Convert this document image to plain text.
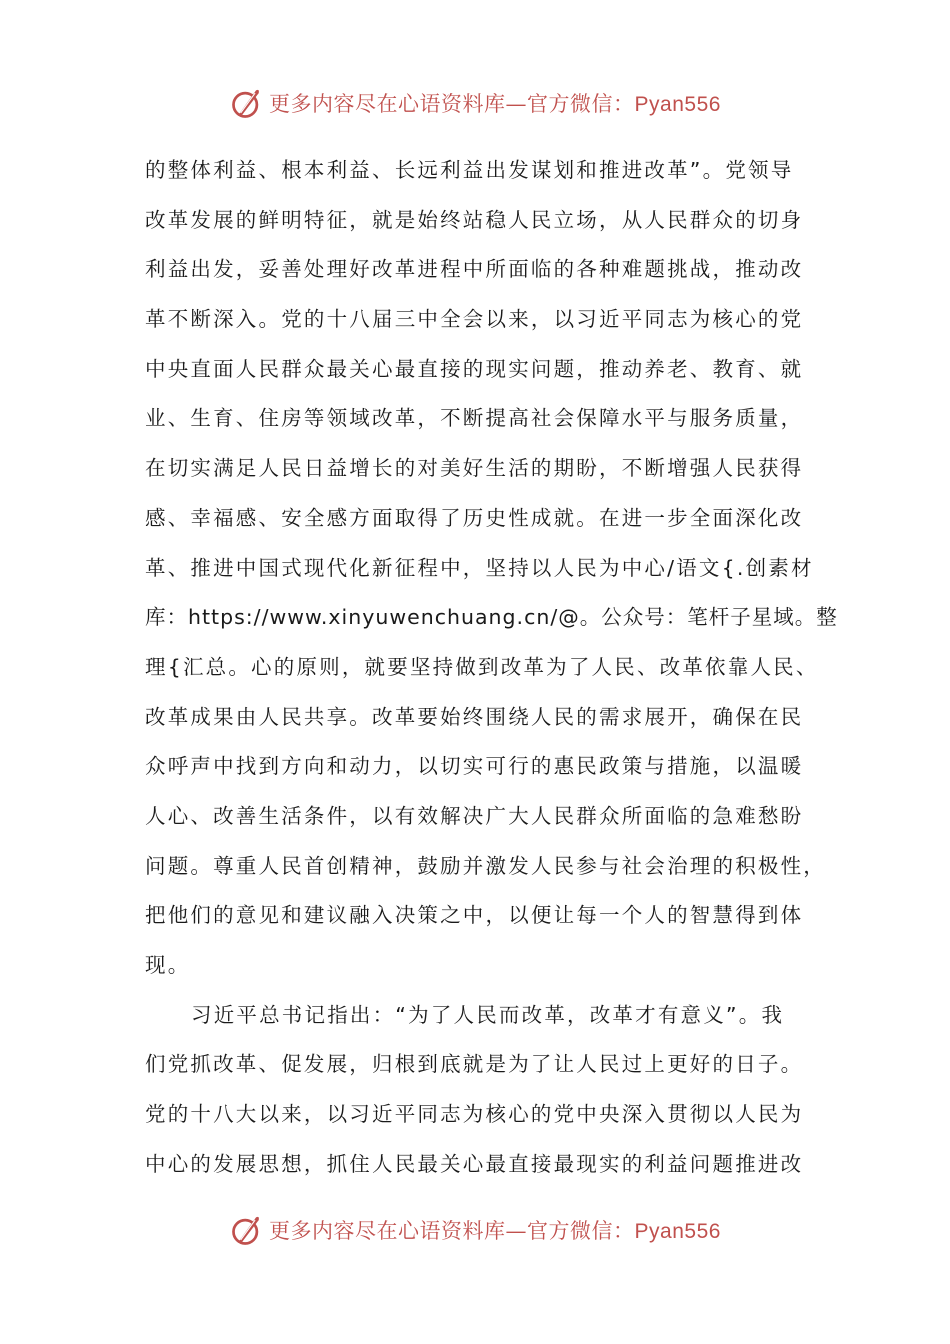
更多内容尽在心语资料库—官方微信：Pyan556
的整体利益、根本利益、长远利益出发谋划和推进改革”。党领导
改革发展的鲜明特征，就是始终站稳人民立场，从人民群众的切身
利益出发，妥善处理好改革进程中所面临的各种难题挑战，推动改
革不断深入。党的十八届三中全会以来，以习近平同志为核心的党
中央直面人民群众最关心最直接的现实问题，推动养老、教育、就
业、生育、住房等领域改革，不断提高社会保障水平与服务质量，
在切实满足人民日益增长的对美好生活的期盼，不断增强人民获得
感、幸福感、安全感方面取得了历史性成就。在进一步全面深化改
革、推进中国式现代化新征程中，坚持以人民为中心/语文{.创素材
库：https://www.xinyuwenchuang.cn/@。公众号：笔杆子星域。整
理{汇总。心的原则，就要坚持做到改革为了人民、改革依靠人民、
改革成果由人民共享。改革要始终围绕人民的需求展开，确保在民
众呼声中找到方向和动力，以切实可行的惠民政策与措施，以温暖
人心、改善生活条件，以有效解决广大人民群众所面临的急难愁盼
问题。尊重人民首创精神，鼓励并激发人民参与社会治理的积极性，
把他们的意见和建议融入决策之中，以便让每一个人的智慧得到体
现。
习近平总书记指出：“为了人民而改革，改革才有意义”。我
们党抓改革、促发展，归根到底就是为了让人民过上更好的日子。
党的十八大以来，以习近平同志为核心的党中央深入贯彻以人民为
中心的发展思想，抓住人民最关心最直接最现实的利益问题推进改
更多内容尽在心语资料库—官方微信：Pyan556
